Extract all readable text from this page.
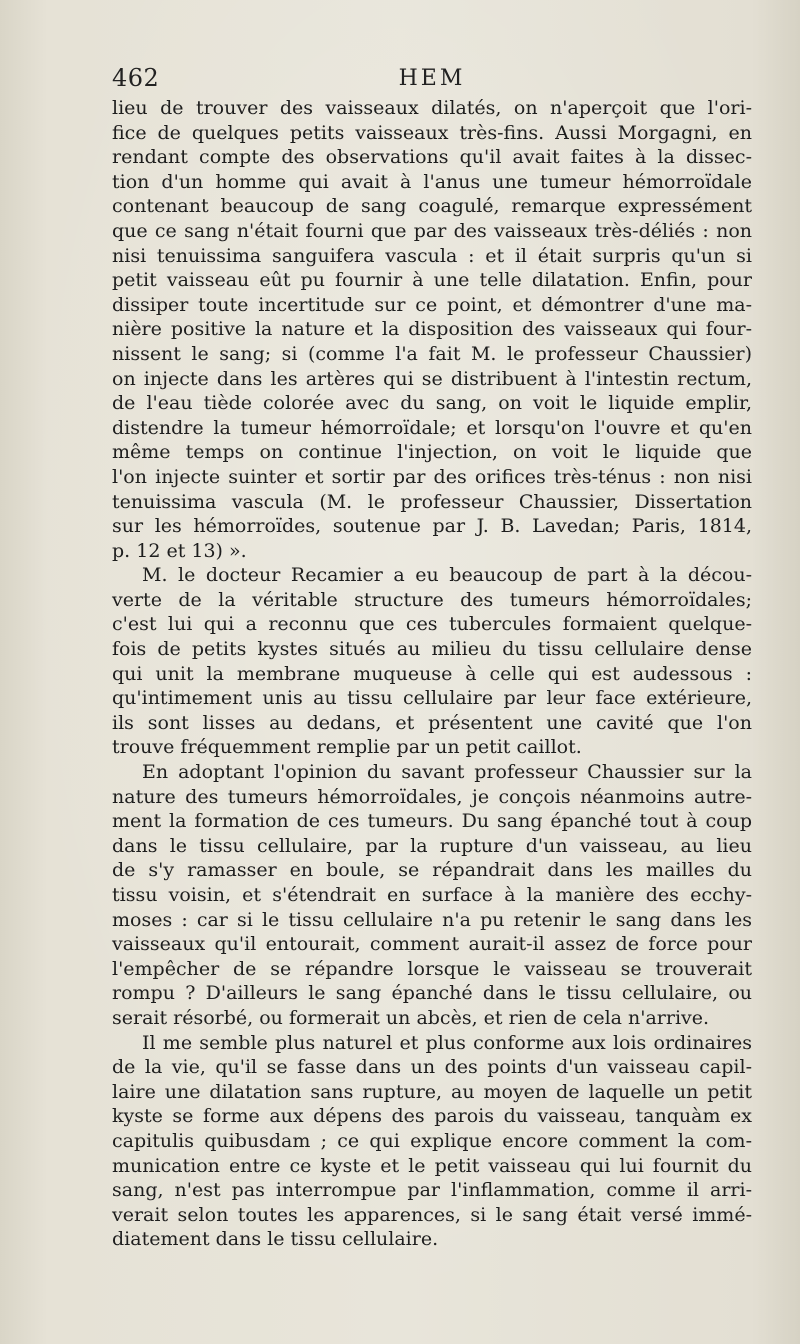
462	HEM
lieu de trouver des vaisseaux dilatés, on n'aperçoit que l'ori-
fice de quelques petits vaisseaux très-fins. Aussi Morgagni, en
rendant compte des observations qu'il avait faites à la dissec-
tion d'un homme qui avait à l'anus une tumeur hémorroïdale
contenant beaucoup de sang coagulé, remarque expressément
que ce sang n'était fourni que par des vaisseaux très-déliés : non
nisi tenuissima sanguifera vascula : et il était surpris qu'un si
petit vaisseau eût pu fournir à une telle dilatation. Enfin, pour
dissiper toute incertitude sur ce point, et démontrer d'une ma-
nière positive la nature et la disposition des vaisseaux qui four-
nissent le sang; si (comme l'a fait M. le professeur Chaussier)
on injecte dans les artères qui se distribuent à l'intestin rectum,
de l'eau tiède colorée avec du sang, on voit le liquide emplir,
distendre la tumeur hémorroïdale; et lorsqu'on l'ouvre et qu'en
même temps on continue l'injection, on voit le liquide que
l'on injecte suinter et sortir par des orifices très-ténus : non nisi
tenuissima vascula (M. le professeur Chaussier, Dissertation
sur les hémorroïdes, soutenue par J. B. Lavedan; Paris, 1814,
p. 12 et 13) ».
M. le docteur Recamier a eu beaucoup de part à la décou-
verte de la véritable structure des tumeurs hémorroïdales;
c'est lui qui a reconnu que ces tubercules formaient quelque-
fois de petits kystes situés au milieu du tissu cellulaire dense
qui unit la membrane muqueuse à celle qui est audessous :
qu'intimement unis au tissu cellulaire par leur face extérieure,
ils sont lisses au dedans, et présentent une cavité que l'on
trouve fréquemment remplie par un petit caillot.
En adoptant l'opinion du savant professeur Chaussier sur la
nature des tumeurs hémorroïdales, je conçois néanmoins autre-
ment la formation de ces tumeurs. Du sang épanché tout à coup
dans le tissu cellulaire, par la rupture d'un vaisseau, au lieu
de s'y ramasser en boule, se répandrait dans les mailles du
tissu voisin, et s'étendrait en surface à la manière des ecchy-
moses : car si le tissu cellulaire n'a pu retenir le sang dans les
vaisseaux qu'il entourait, comment aurait-il assez de force pour
l'empêcher de se répandre lorsque le vaisseau se trouverait
rompu ? D'ailleurs le sang épanché dans le tissu cellulaire, ou
serait résorbé, ou formerait un abcès, et rien de cela n'arrive.
Il me semble plus naturel et plus conforme aux lois ordinaires
de la vie, qu'il se fasse dans un des points d'un vaisseau capil-
laire une dilatation sans rupture, au moyen de laquelle un petit
kyste se forme aux dépens des parois du vaisseau, tanquàm ex
capitulis quibusdam ; ce qui explique encore comment la com-
munication entre ce kyste et le petit vaisseau qui lui fournit du
sang, n'est pas interrompue par l'inflammation, comme il arri-
verait selon toutes les apparences, si le sang était versé immé-
diatement dans le tissu cellulaire.
